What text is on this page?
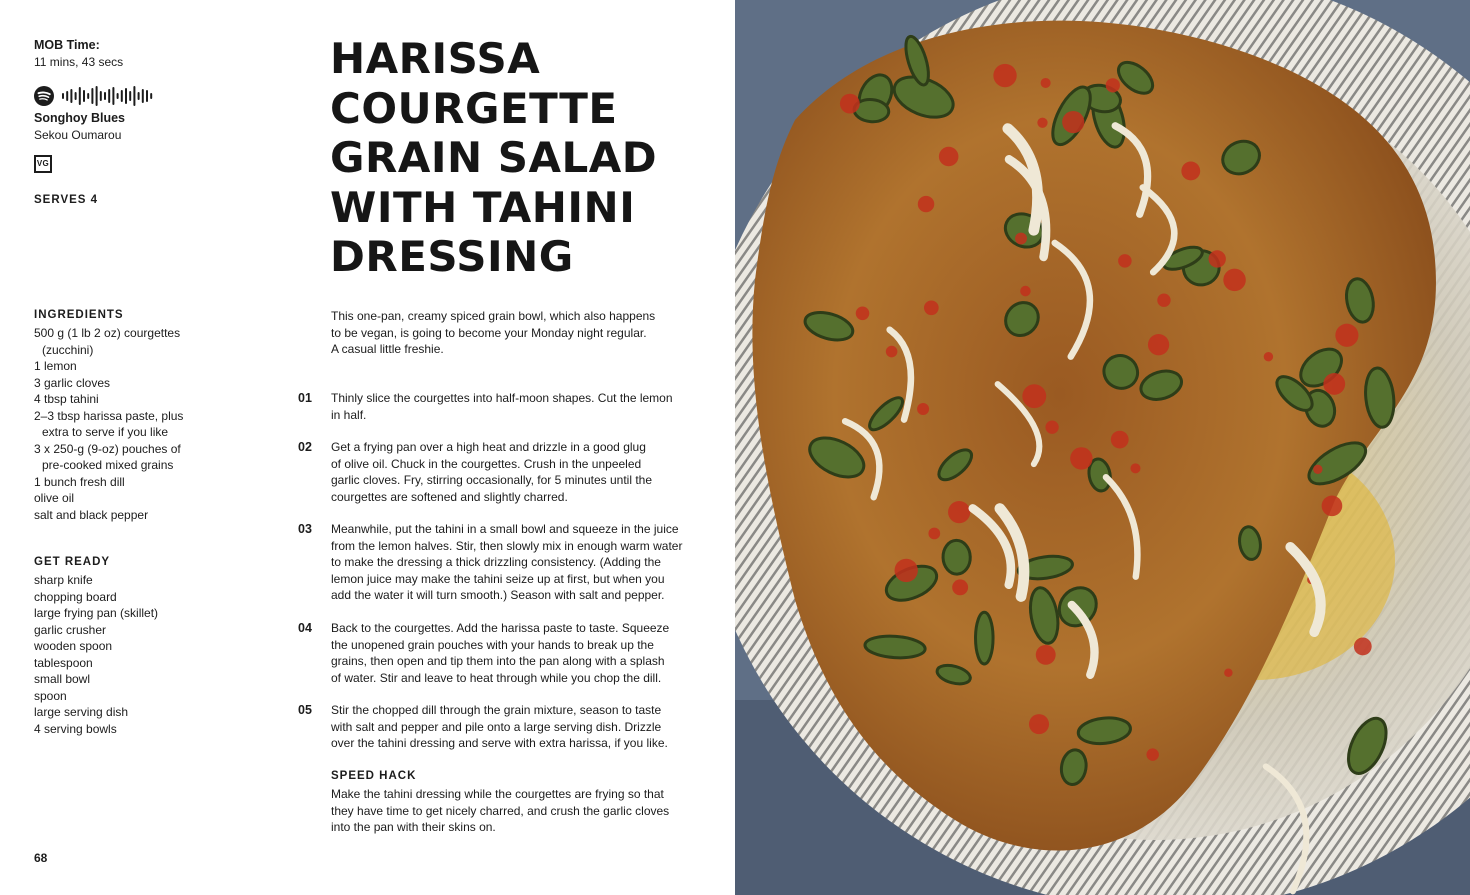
MOB Time:
11 mins, 43 secs
Songhoy Blues
Sekou Oumarou
VG
SERVES 4
INGREDIENTS
500 g (1 lb 2 oz) courgettes
(zucchini)
1 lemon
3 garlic cloves
4 tbsp tahini
2–3 tbsp harissa paste, plus
extra to serve if you like
3 x 250-g (9-oz) pouches of
pre-cooked mixed grains
1 bunch fresh dill
olive oil
salt and black pepper
GET READY
sharp knife
chopping board
large frying pan (skillet)
garlic crusher
wooden spoon
tablespoon
small bowl
spoon
large serving dish
4 serving bowls
HARISSA
COURGETTE
GRAIN SALAD
WITH TAHINI
DRESSING
This one-pan, creamy spiced grain bowl, which also happens
to be vegan, is going to become your Monday night regular.
A casual little freshie.
01 Thinly slice the courgettes into half-moon shapes. Cut the lemon
in half.
02 Get a frying pan over a high heat and drizzle in a good glug
of olive oil. Chuck in the courgettes. Crush in the unpeeled
garlic cloves. Fry, stirring occasionally, for 5 minutes until the
courgettes are softened and slightly charred.
03 Meanwhile, put the tahini in a small bowl and squeeze in the juice
from the lemon halves. Stir, then slowly mix in enough warm water
to make the dressing a thick drizzling consistency. (Adding the
lemon juice may make the tahini seize up at first, but when you
add the water it will turn smooth.) Season with salt and pepper.
04 Back to the courgettes. Add the harissa paste to taste. Squeeze
the unopened grain pouches with your hands to break up the
grains, then open and tip them into the pan along with a splash
of water. Stir and leave to heat through while you chop the dill.
05 Stir the chopped dill through the grain mixture, season to taste
with salt and pepper and pile onto a large serving dish. Drizzle
over the tahini dressing and serve with extra harissa, if you like.
SPEED HACK
Make the tahini dressing while the courgettes are frying so that
they have time to get nicely charred, and crush the garlic cloves
into the pan with their skins on.
68
